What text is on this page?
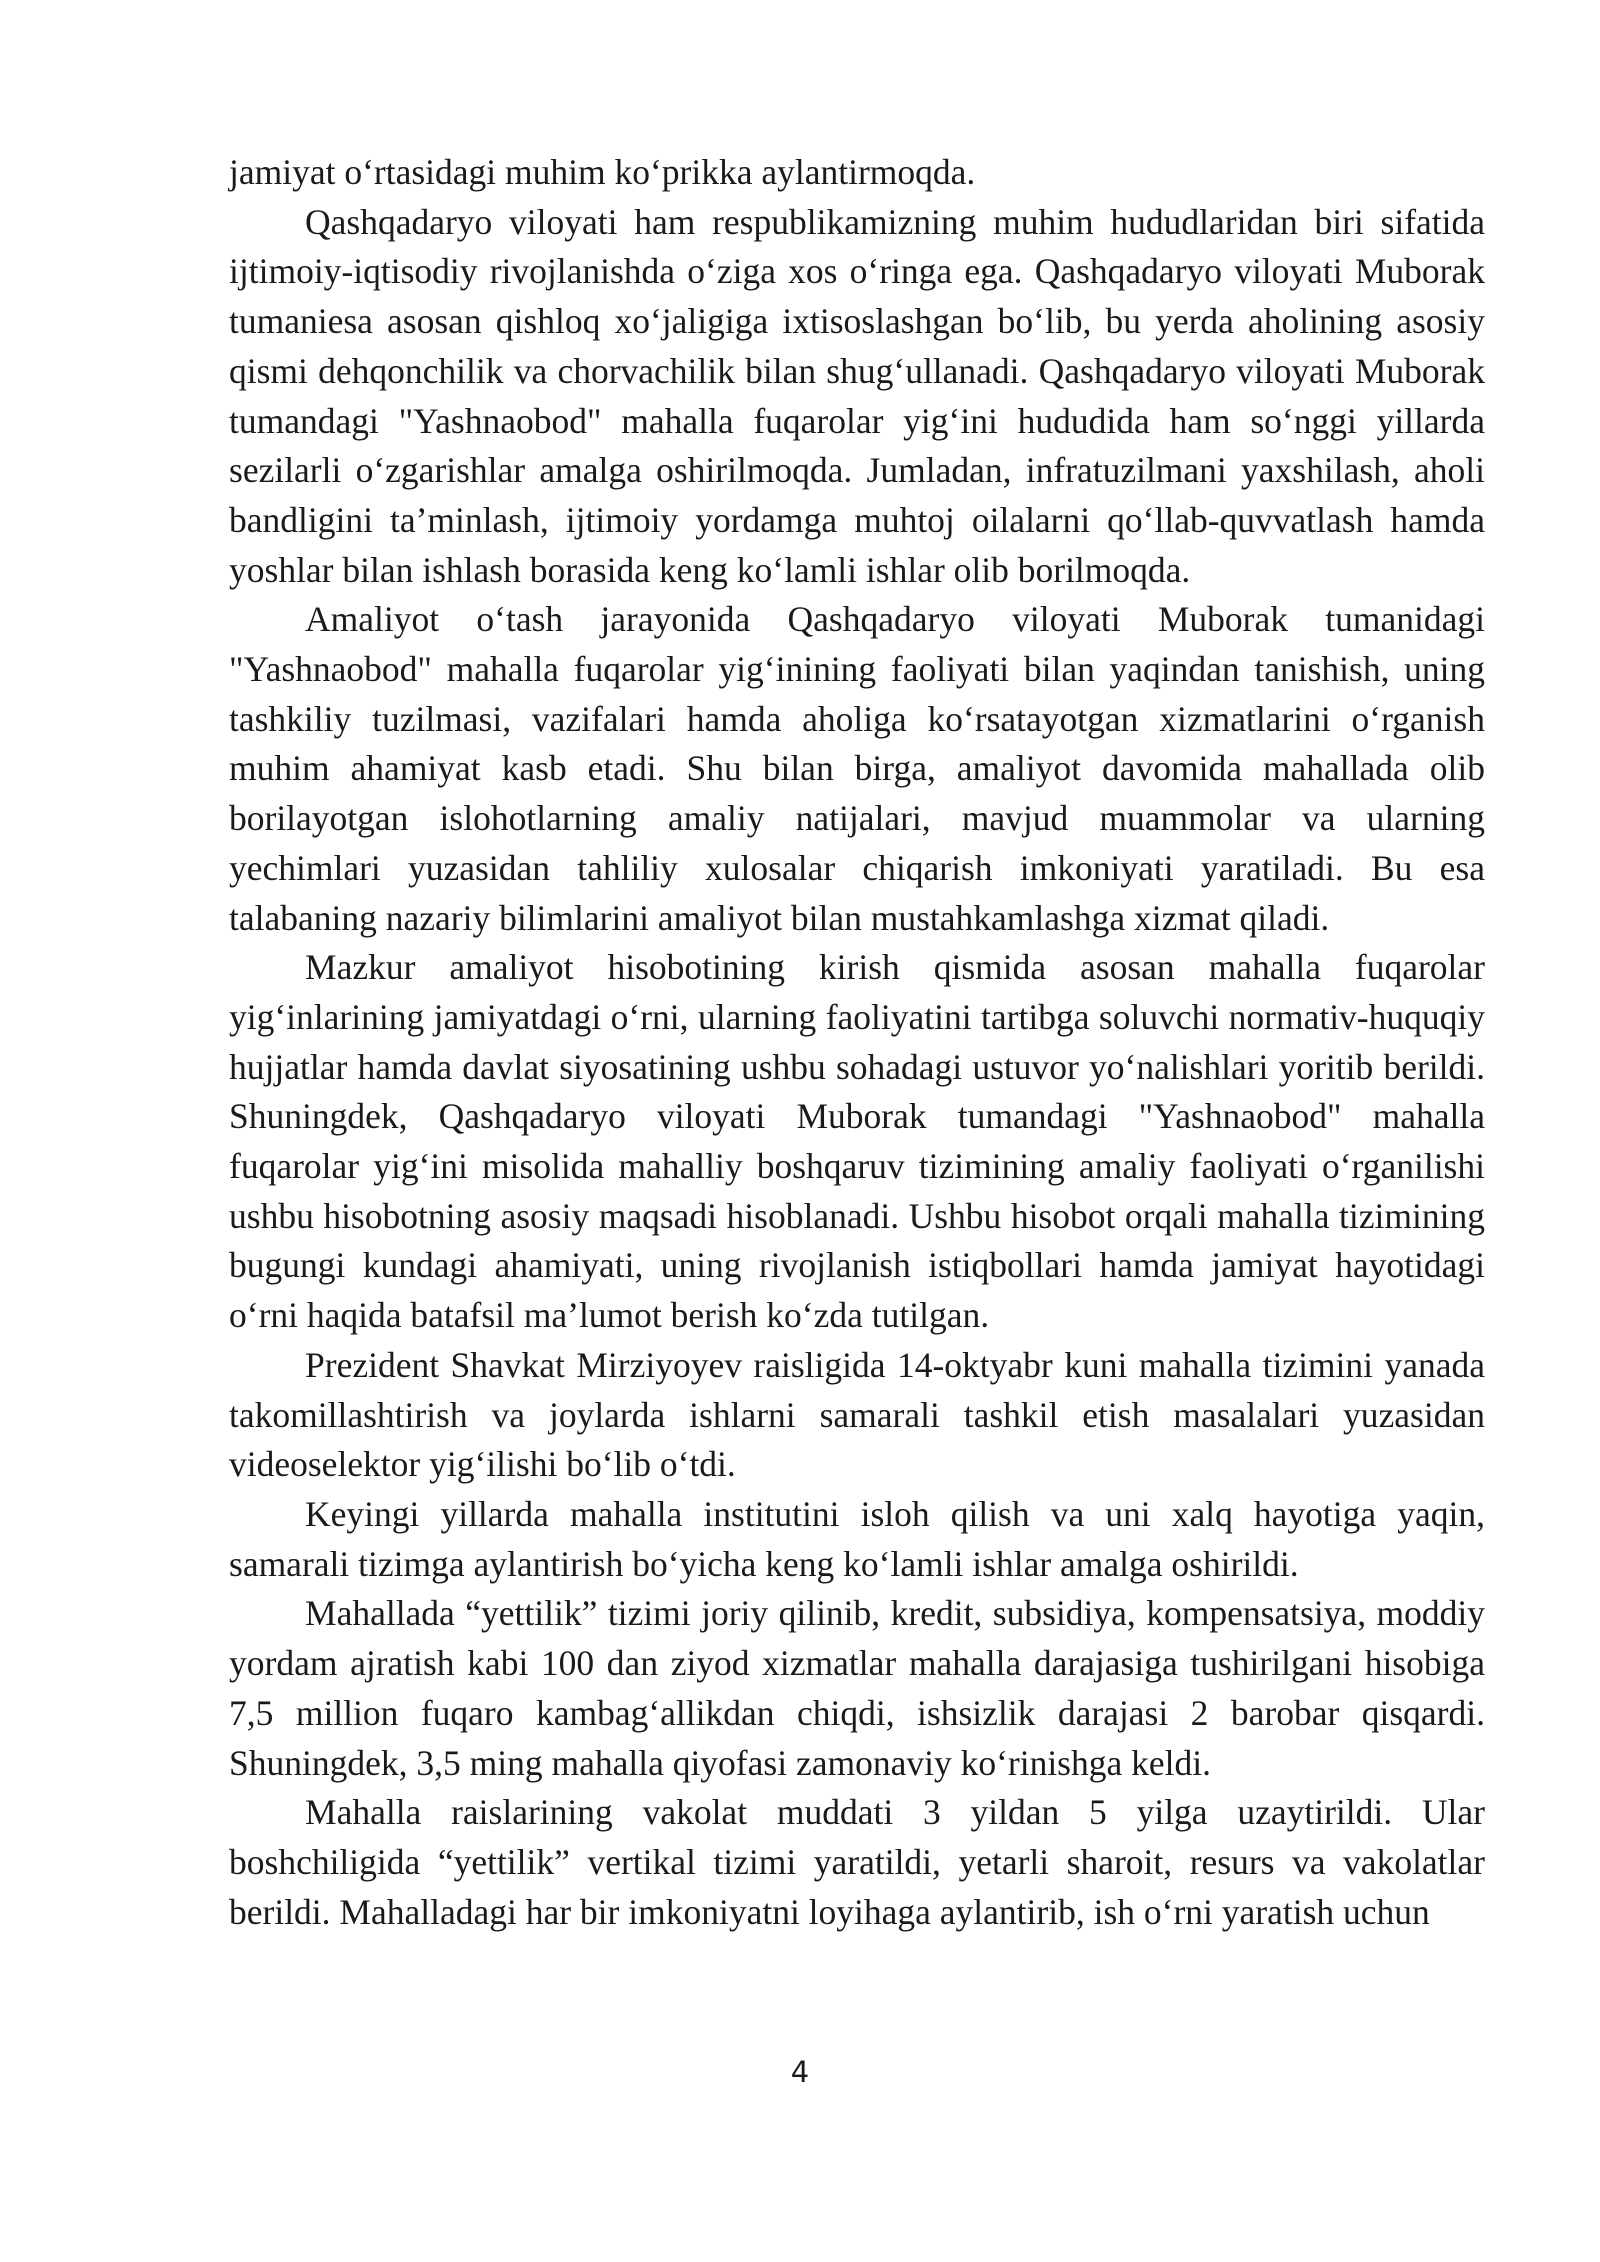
jamiyat o‘rtasidagi muhim ko‘prikka aylantirmoqda.

Qashqadaryo viloyati ham respublikamizning muhim hududlaridan biri sifatida ijtimoiy-iqtisodiy rivojlanishda o‘ziga xos o‘ringa ega. Qashqadaryo viloyati Muborak tumaniesa asosan qishloq xo‘jaligiga ixtisoslashgan bo‘lib, bu yerda aholining asosiy qismi dehqonchilik va chorvachilik bilan shug‘ullanadi. Qashqadaryo viloyati Muborak tumandagi "Yashnaobod" mahalla fuqarolar yig‘ini hududida ham so‘nggi yillarda sezilarli o‘zgarishlar amalga oshirilmoqda. Jumladan, infratuzilmani yaxshilash, aholi bandligini ta’minlash, ijtimoiy yordamga muhtoj oilalarni qo‘llab-quvvatlash hamda yoshlar bilan ishlash borasida keng ko‘lamli ishlar olib borilmoqda.

Amaliyot o‘tash jarayonida Qashqadaryo viloyati Muborak tumanidagi "Yashnaobod" mahalla fuqarolar yig‘inining faoliyati bilan yaqindan tanishish, uning tashkiliy tuzilmasi, vazifalari hamda aholiga ko‘rsatayotgan xizmatlarini o‘rganish muhim ahamiyat kasb etadi. Shu bilan birga, amaliyot davomida mahallada olib borilayotgan islohotlarning amaliy natijalari, mavjud muammolar va ularning yechimlari yuzasidan tahliliy xulosalar chiqarish imkoniyati yaratiladi. Bu esa talabaning nazariy bilimlarini amaliyot bilan mustahkamlashga xizmat qiladi.

Mazkur amaliyot hisobotining kirish qismida asosan mahalla fuqarolar yig‘inlarining jamiyatdagi o‘rni, ularning faoliyatini tartibga soluvchi normativ-huquqiy hujjatlar hamda davlat siyosatining ushbu sohadagi ustuvor yo‘nalishlari yoritib berildi. Shuningdek, Qashqadaryo viloyati Muborak tumandagi "Yashnaobod" mahalla fuqarolar yig‘ini misolida mahalliy boshqaruv tizimining amaliy faoliyati o‘rganilishi ushbu hisobotning asosiy maqsadi hisoblanadi. Ushbu hisobot orqali mahalla tizimining bugungi kundagi ahamiyati, uning rivojlanish istiqbollari hamda jamiyat hayotidagi o‘rni haqida batafsil ma’lumot berish ko‘zda tutilgan.

Prezident Shavkat Mirziyoyev raisligida 14-oktyabr kuni mahalla tizimini yanada takomillashtirish va joylarda ishlarni samarali tashkil etish masalalari yuzasidan videoselektor yig‘ilishi bo‘lib o‘tdi.

Keyingi yillarda mahalla institutini isloh qilish va uni xalq hayotiga yaqin, samarali tizimga aylantirish bo‘yicha keng ko‘lamli ishlar amalga oshirildi.

Mahallada “yettilik” tizimi joriy qilinib, kredit, subsidiya, kompensatsiya, moddiy yordam ajratish kabi 100 dan ziyod xizmatlar mahalla darajasiga tushirilgani hisobiga 7,5 million fuqaro kambag‘allikdan chiqdi, ishsizlik darajasi 2 barobar qisqardi. Shuningdek, 3,5 ming mahalla qiyofasi zamonaviy ko‘rinishga keldi.

Mahalla raislarining vakolat muddati 3 yildan 5 yilga uzaytirildi. Ular boshchiligida “yettilik” vertikal tizimi yaratildi, yetarli sharoit, resurs va vakolatlar berildi. Mahalladagi har bir imkoniyatni loyihaga aylantirib, ish o‘rni yaratish uchun

4
